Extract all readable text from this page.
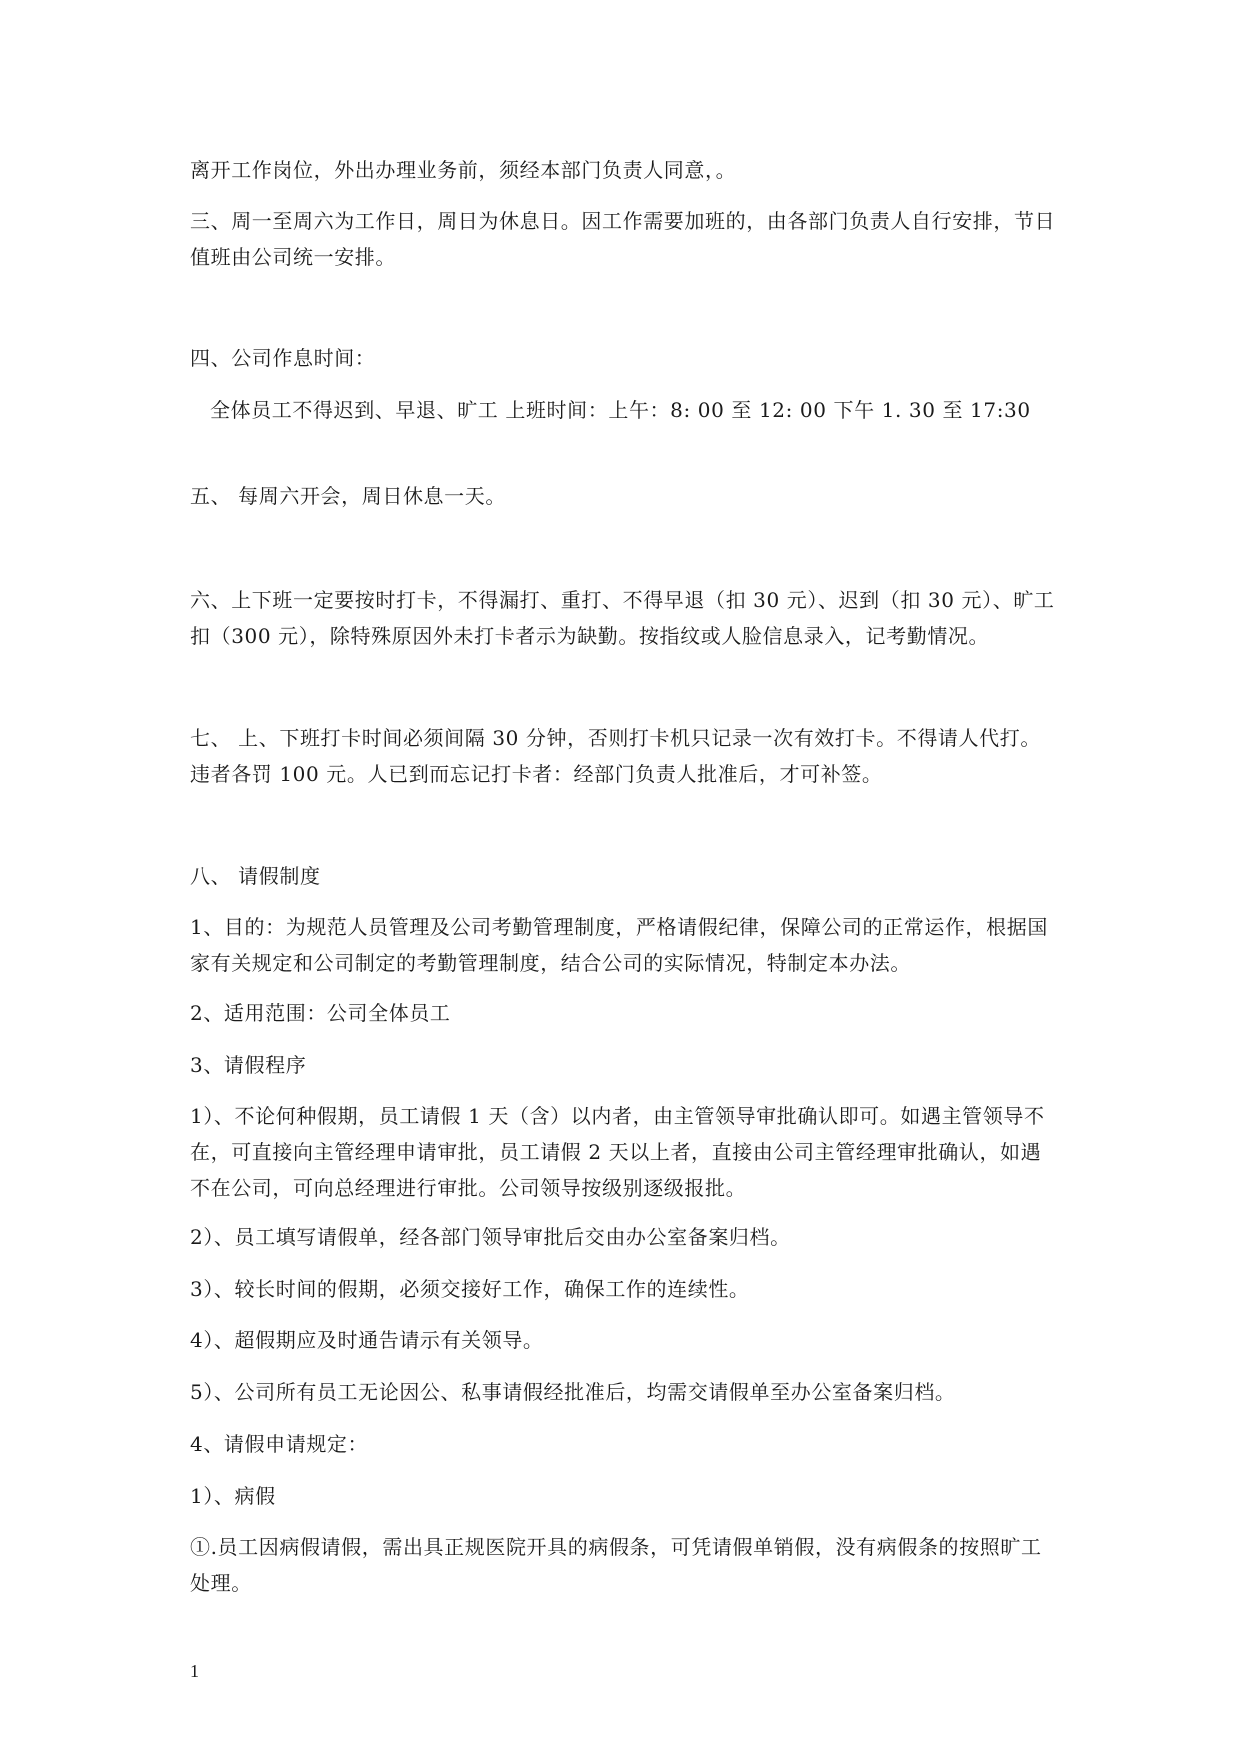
离开工作岗位，外出办理业务前，须经本部门负责人同意，。
三、周一至周六为工作日，周日为休息日。因工作需要加班的，由各部门负责人自行安排，节日值班由公司统一安排。
四、公司作息时间：
全体员工不得迟到、早退、旷工 上班时间：上午：8: 00 至 12: 00 下午 1. 30 至 17:30
五、 每周六开会，周日休息一天。
六、上下班一定要按时打卡，不得漏打、重打、不得早退（扣 30 元）、迟到（扣 30 元）、旷工扣（300 元），除特殊原因外未打卡者示为缺勤。按指纹或人脸信息录入，记考勤情况。
七、 上、下班打卡时间必须间隔 30 分钟，否则打卡机只记录一次有效打卡。不得请人代打。违者各罚 100 元。人已到而忘记打卡者：经部门负责人批准后，才可补签。
八、 请假制度
1、目的：为规范人员管理及公司考勤管理制度，严格请假纪律，保障公司的正常运作，根据国家有关规定和公司制定的考勤管理制度，结合公司的实际情况，特制定本办法。
2、适用范围：公司全体员工
3、请假程序
1）、不论何种假期，员工请假 1 天（含）以内者，由主管领导审批确认即可。如遇主管领导不在，可直接向主管经理申请审批，员工请假 2 天以上者，直接由公司主管经理审批确认，如遇不在公司，可向总经理进行审批。公司领导按级别逐级报批。
2）、员工填写请假单，经各部门领导审批后交由办公室备案归档。
3）、较长时间的假期，必须交接好工作，确保工作的连续性。
4）、超假期应及时通告请示有关领导。
5）、公司所有员工无论因公、私事请假经批准后，均需交请假单至办公室备案归档。
4、请假申请规定：
1）、病假
①.员工因病假请假，需出具正规医院开具的病假条，可凭请假单销假，没有病假条的按照旷工处理。
1
